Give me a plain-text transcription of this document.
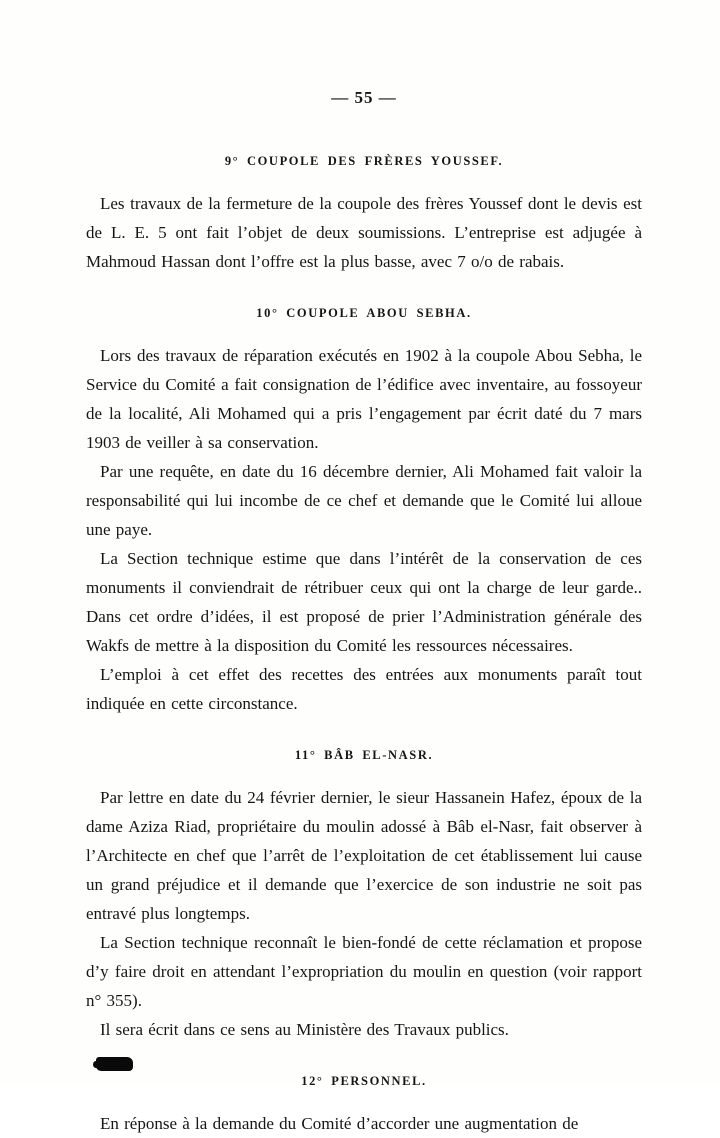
— 55 —
9° COUPOLE DES FRÈRES YOUSSEF.

Les travaux de la fermeture de la coupole des frères Youssef dont le devis est de L. E. 5 ont fait l’objet de deux soumissions. L’entreprise est adjugée à Mahmoud Hassan dont l’offre est la plus basse, avec 7 o/o de rabais.

10° COUPOLE ABOU SEBHA.

Lors des travaux de réparation exécutés en 1902 à la coupole Abou Sebha, le Service du Comité a fait consignation de l’édifice avec inventaire, au fossoyeur de la localité, Ali Mohamed qui a pris l’engagement par écrit daté du 7 mars 1903 de veiller à sa conservation.

Par une requête, en date du 16 décembre dernier, Ali Mohamed fait valoir la responsabilité qui lui incombe de ce chef et demande que le Comité lui alloue une paye.

La Section technique estime que dans l’intérêt de la conservation de ces monuments il conviendrait de rétribuer ceux qui ont la charge de leur garde.. Dans cet ordre d’idées, il est proposé de prier l’Administration générale des Wakfs de mettre à la disposition du Comité les ressources nécessaires.

L’emploi à cet effet des recettes des entrées aux monuments paraît tout indiquée en cette circonstance.

11° BÂB EL-NASR.

Par lettre en date du 24 février dernier, le sieur Hassanein Hafez, époux de la dame Aziza Riad, propriétaire du moulin adossé à Bâb el-Nasr, fait observer à l’Architecte en chef que l’arrêt de l’exploitation de cet établissement lui cause un grand préjudice et il demande que l’exercice de son industrie ne soit pas entravé plus longtemps.

La Section technique reconnaît le bien-fondé de cette réclamation et propose d’y faire droit en attendant l’expropriation du moulin en question (voir rapport n° 355).

Il sera écrit dans ce sens au Ministère des Travaux publics.

12° PERSONNEL.

En réponse à la demande du Comité d’accorder une augmentation de
